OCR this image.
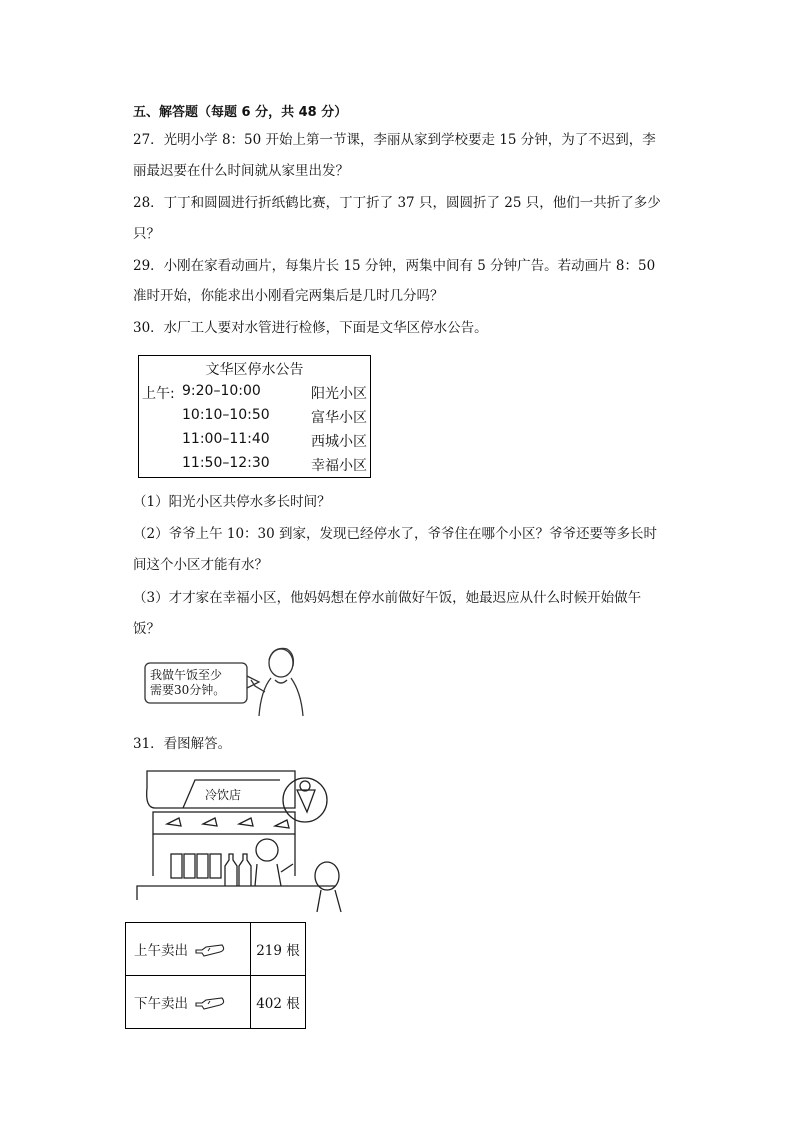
五、解答题（每题 6 分，共 48 分）
27．光明小学 8：50 开始上第一节课，李丽从家到学校要走 15 分钟，为了不迟到，李
丽最迟要在什么时间就从家里出发？
28．丁丁和圆圆进行折纸鹤比赛，丁丁折了 37 只，圆圆折了 25 只，他们一共折了多少
只？
29．小刚在家看动画片，每集片长 15 分钟，两集中间有 5 分钟广告。若动画片 8：50
准时开始，你能求出小刚看完两集后是几时几分吗？
30．水厂工人要对水管进行检修，下面是文华区停水公告。
文华区停水公告
上午: 9:20–10:00	阳光小区
10:10–10:50	富华小区
11:00–11:40	西城小区
11:50–12:30	幸福小区
（1）阳光小区共停水多长时间？
（2）爷爷上午 10：30 到家，发现已经停水了，爷爷住在哪个小区？爷爷还要等多长时
间这个小区才能有水？
（3）才才家在幸福小区，他妈妈想在停水前做好午饭，她最迟应从什么时候开始做午
饭？
我做午饭至少
需要30分钟。
31．看图解答。
冷饮店
上午卖出	219 根
下午卖出	402 根
